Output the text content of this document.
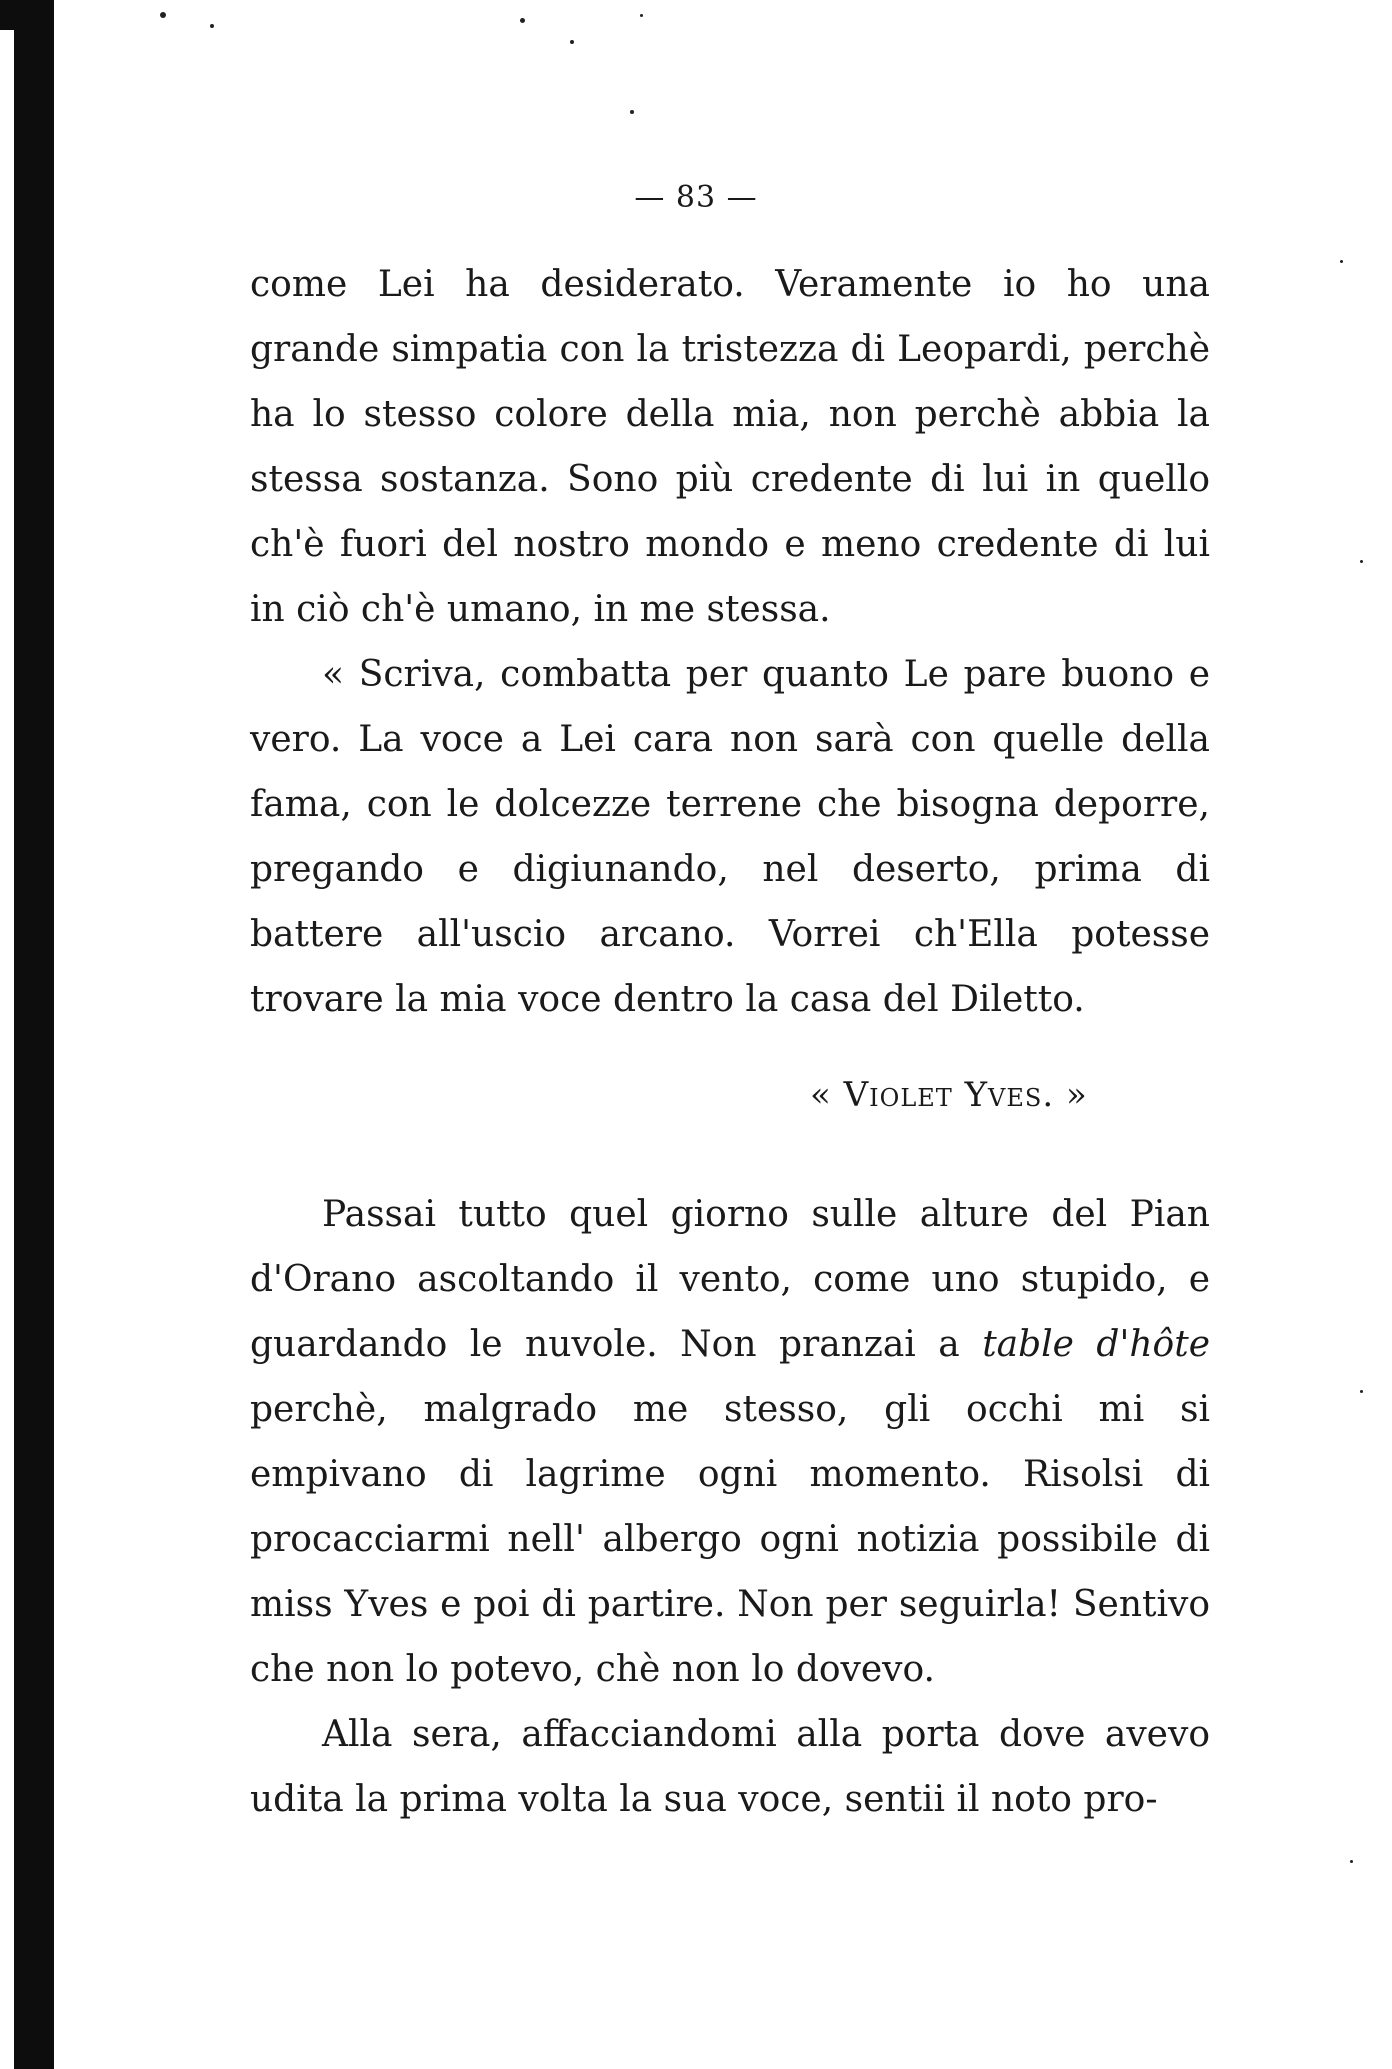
— 83 —

come Lei ha desiderato. Veramente io ho una grande simpatia con la tristezza di Leopardi, perchè ha lo stesso colore della mia, non perchè abbia la stessa sostanza. Sono più credente di lui in quello ch'è fuori del nostro mondo e meno credente di lui in ciò ch'è umano, in me stessa.

« Scriva, combatta per quanto Le pare buono e vero. La voce a Lei cara non sarà con quelle della fama, con le dolcezze terrene che bisogna deporre, pregando e digiunando, nel deserto, prima di battere all'uscio arcano. Vorrei ch'Ella potesse trovare la mia voce dentro la casa del Diletto.

« Violet Yves. »

Passai tutto quel giorno sulle alture del Pian d'Orano ascoltando il vento, come uno stupido, e guardando le nuvole. Non pranzai a table d'hôte perchè, malgrado me stesso, gli occhi mi si empivano di lagrime ogni momento. Risolsi di procacciarmi nell' albergo ogni notizia possibile di miss Yves e poi di partire. Non per seguirla! Sentivo che non lo potevo, chè non lo dovevo.

Alla sera, affacciandomi alla porta dove avevo udita la prima volta la sua voce, sentii il noto pro-
